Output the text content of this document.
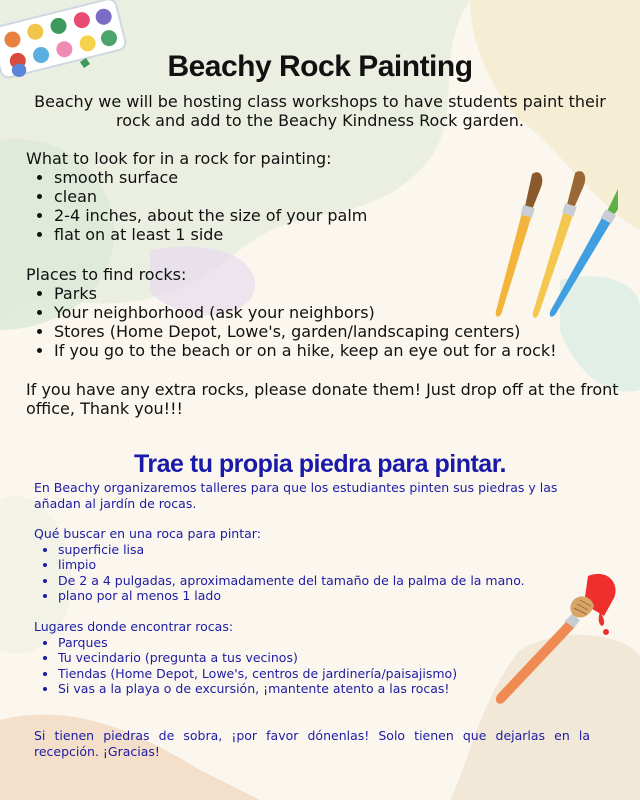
Beachy Rock Painting

Beachy we will be hosting class workshops to have students paint their rock and add to the Beachy Kindness Rock garden.

What to look for in a rock for painting:
• smooth surface
• clean
• 2-4 inches, about the size of your palm
• flat on at least 1 side
Places to find rocks:
• Parks
• Your neighborhood (ask your neighbors)
• Stores (Home Depot, Lowe's, garden/landscaping centers)
• If you go to the beach or on a hike, keep an eye out for a rock!

If you have any extra rocks, please donate them! Just drop off at the front office, Thank you!!!

Trae tu propia piedra para pintar.

En Beachy organizaremos talleres para que los estudiantes pinten sus piedras y las añadan al jardín de rocas.

Qué buscar en una roca para pintar:
• superficie lisa
• limpio
• De 2 a 4 pulgadas, aproximadamente del tamaño de la palma de la mano.
• plano por al menos 1 lado
Lugares donde encontrar rocas:
• Parques
• Tu vecindario (pregunta a tus vecinos)
• Tiendas (Home Depot, Lowe's, centros de jardinería/paisajismo)
• Si vas a la playa o de excursión, ¡mantente atento a las rocas!

Si tienen piedras de sobra, ¡por favor dónenlas! Solo tienen que dejarlas en la recepción. ¡Gracias!
